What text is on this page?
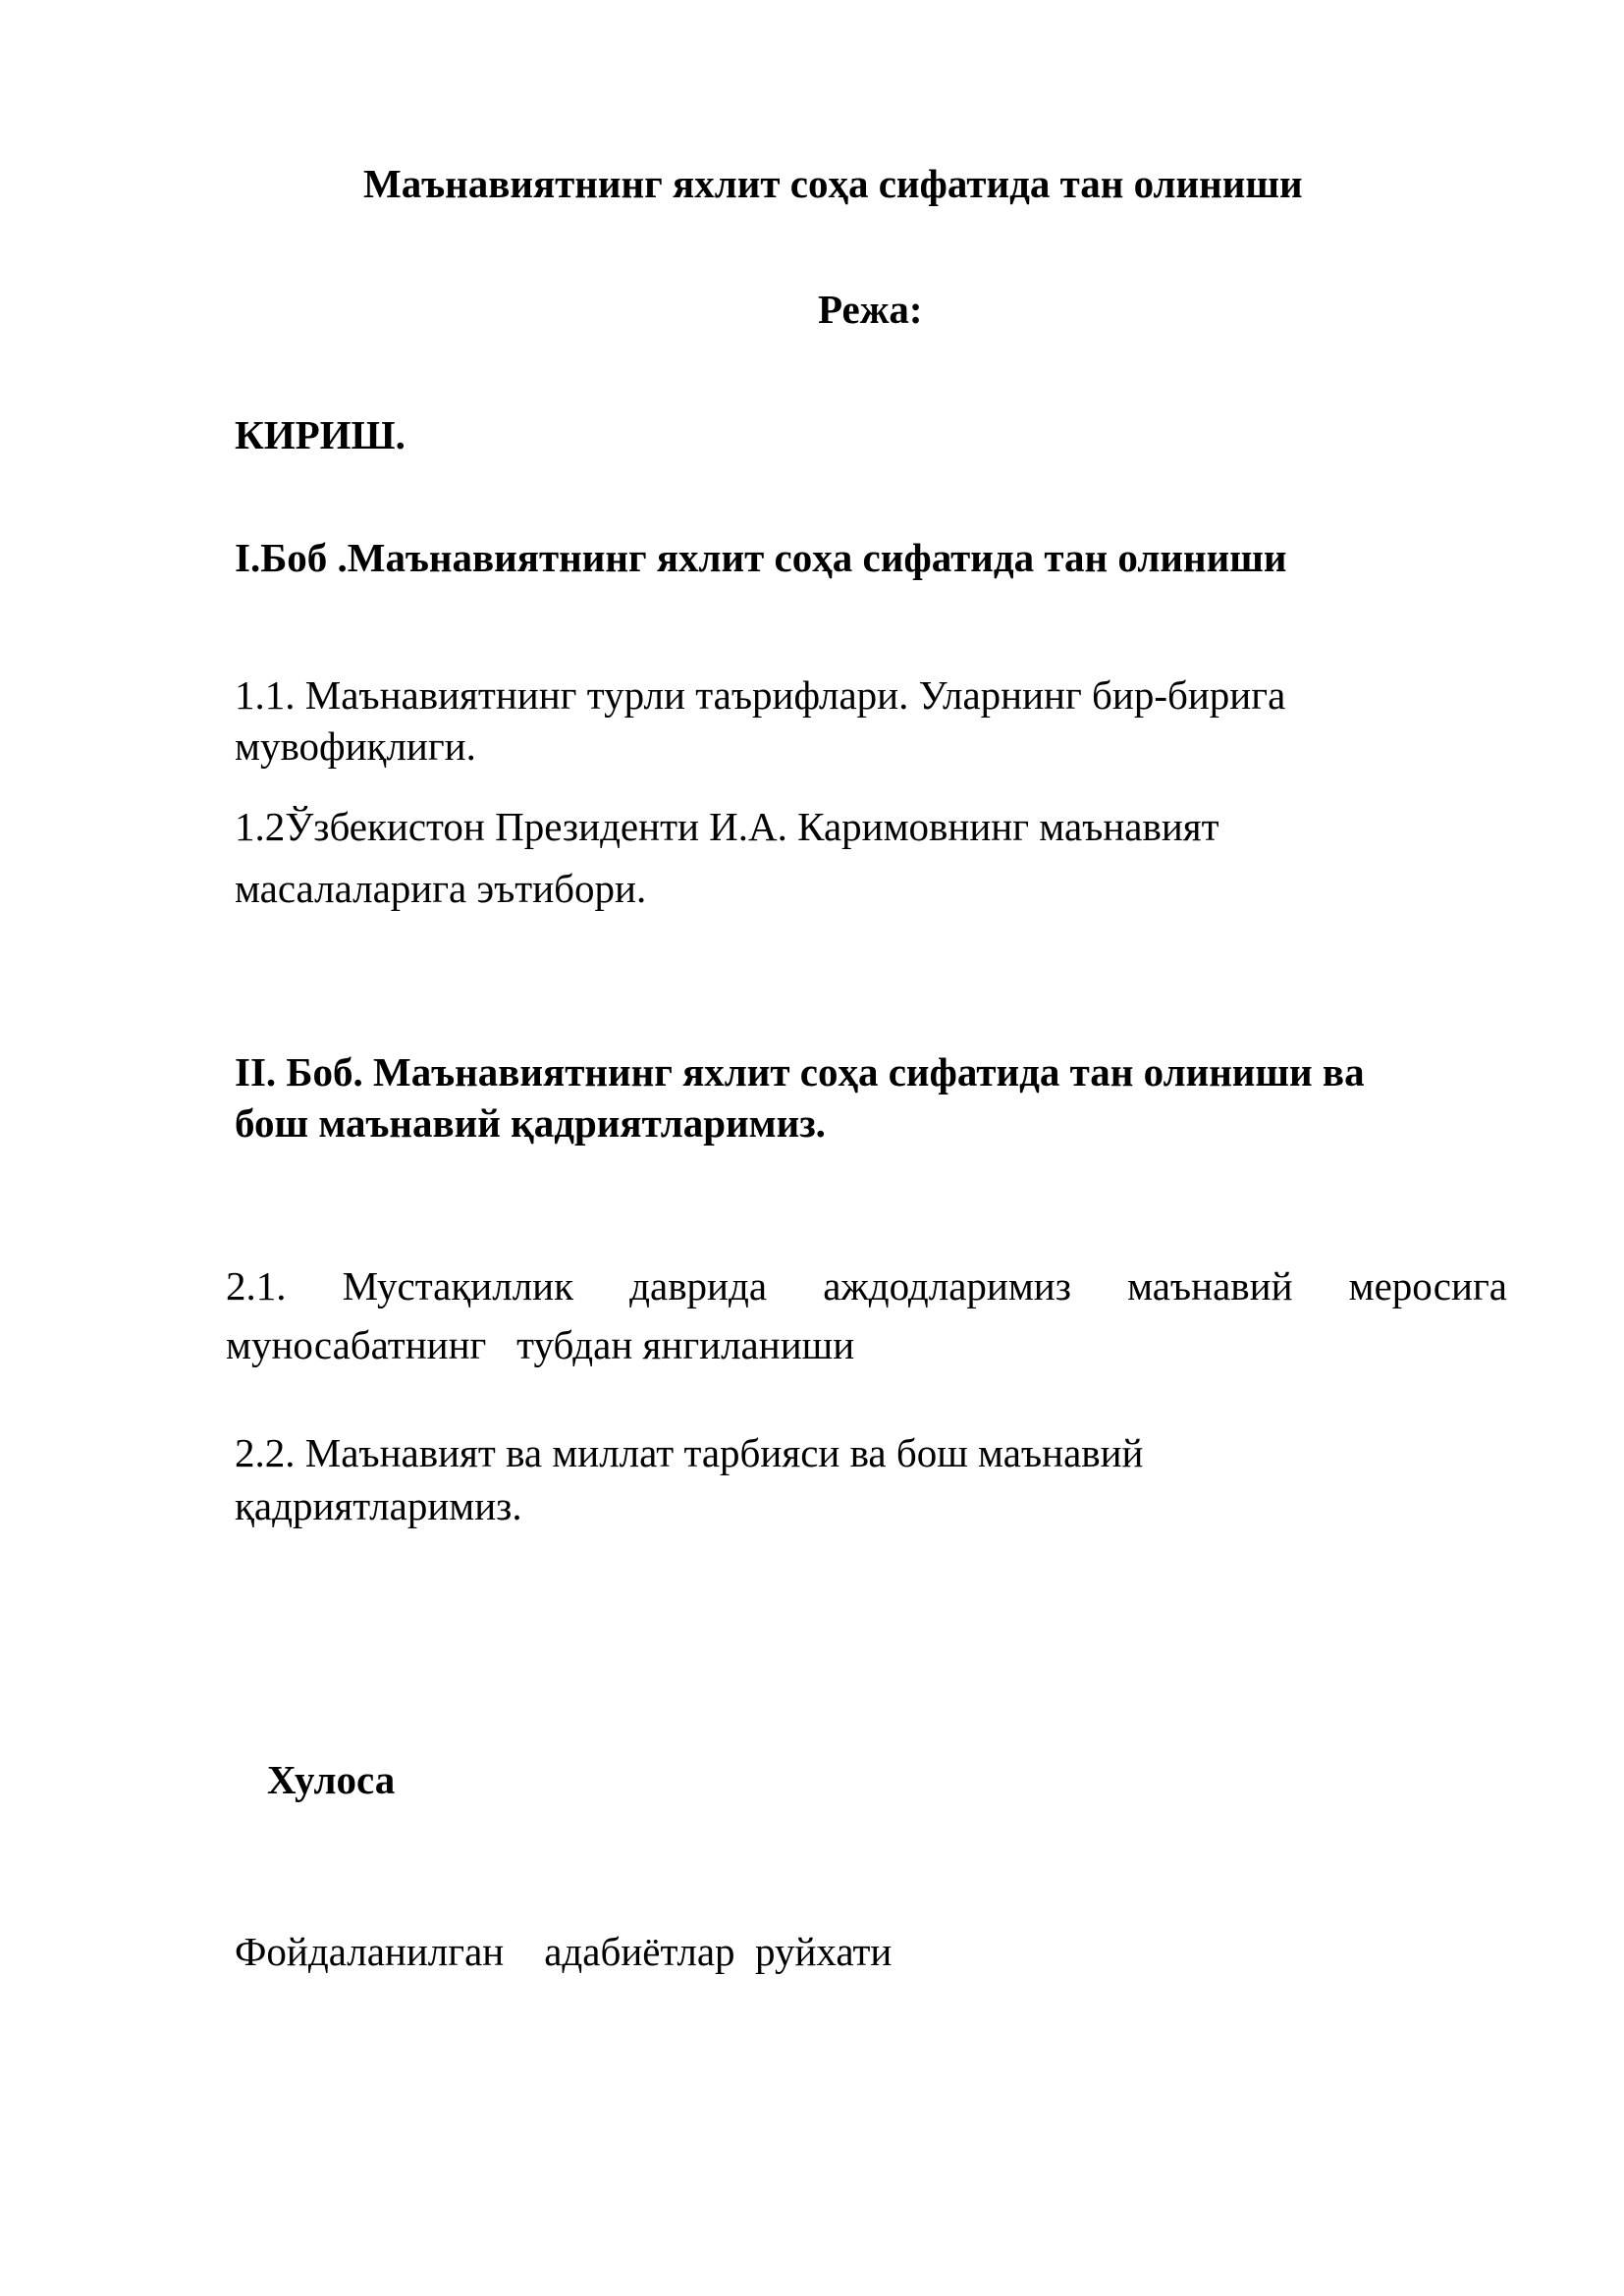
Маънавиятнинг яхлит соҳа сифатида тан олиниши

Режа:

КИРИШ.

I.Боб .Маънавиятнинг яхлит соҳа сифатида тан олиниши

1.1. Маънавиятнинг турли таърифлари. Уларнинг бир-бирига

мувофиқлиги.

1.2Ўзбекистон Президенти И.А. Каримовнинг маънавият

масалаларига эътибори.

II. Боб. Маънавиятнинг яхлит соҳа сифатида тан олиниши ва

бош маънавий қадриятларимиз.

2.1. Мустақиллик даврида аждодларимиз маънавий меросига

муносабатнинг   тубдан янгиланиши

2.2. Маънавият ва миллат тарбияси ва бош маънавий

қадриятларимиз.

Хулоса

Фойдаланилган    адабиётлар  руйхати
